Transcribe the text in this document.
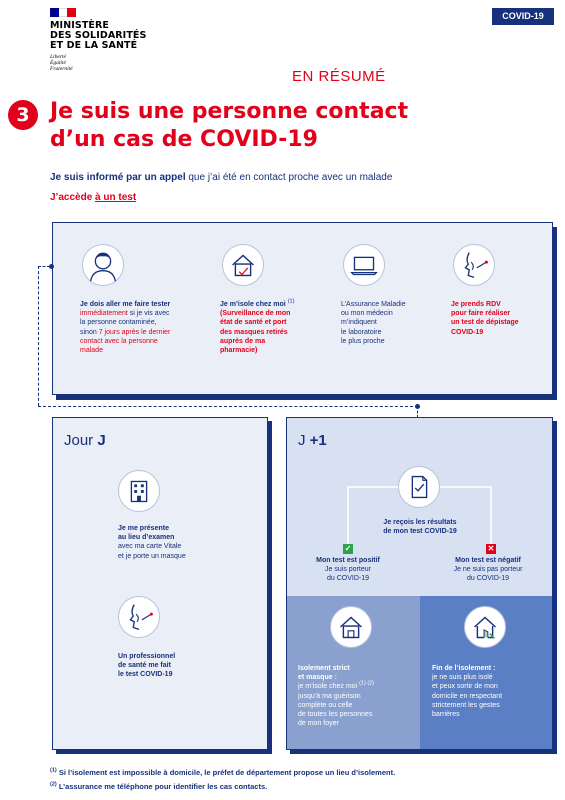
MINISTÈRE
DES SOLIDARITÉS
ET DE LA SANTÉ
Liberté
Égalité
Fraternité
COVID-19
EN RÉSUMÉ
3 Je suis une personne contact
d’un cas de COVID-19
Je suis informé par un appel que j’ai été en contact proche avec un malade
J’accède à un test
Je dois aller me faire tester
immédiatement si je vis avec
la personne contaminée,
sinon 7 jours après le dernier
contact avec la personne
malade
Je m’isole chez moi $^{(1)}$
(Surveillance de mon
état de santé et port
des masques retirés
auprès de ma
pharmacie)
L’Assurance Maladie
ou mon médecin
m’indiquent
le laboratoire
le plus proche
Je prends RDV
pour faire réaliser
un test de dépistage
COVID-19
Jour J
Je me présente
au lieu d’examen
avec ma carte Vitale
et je porte un masque
Un professionnel
de santé me fait
le test COVID-19
J +1
Je reçois les résultats
de mon test COVID-19
✓
Mon test est positif
Je suis porteur
du COVID-19
✕
Mon test est négatif
Je ne suis pas porteur
du COVID-19
Isolement strict
et masque :
je m’isole chez moi $^{(1) (2)}$
jusqu’à ma guérison
complète ou celle
de toutes les personnes
de mon foyer
Fin de l’isolement :
je ne suis plus isolé
et peux sortir de mon
domicile en respectant
strictement les gestes
barrières
$^{(1)}$ Si l’isolement est impossible à domicile, le préfet de département propose un lieu d’isolement.
$^{(2)}$ L’assurance me téléphone pour identifier les cas contacts.
